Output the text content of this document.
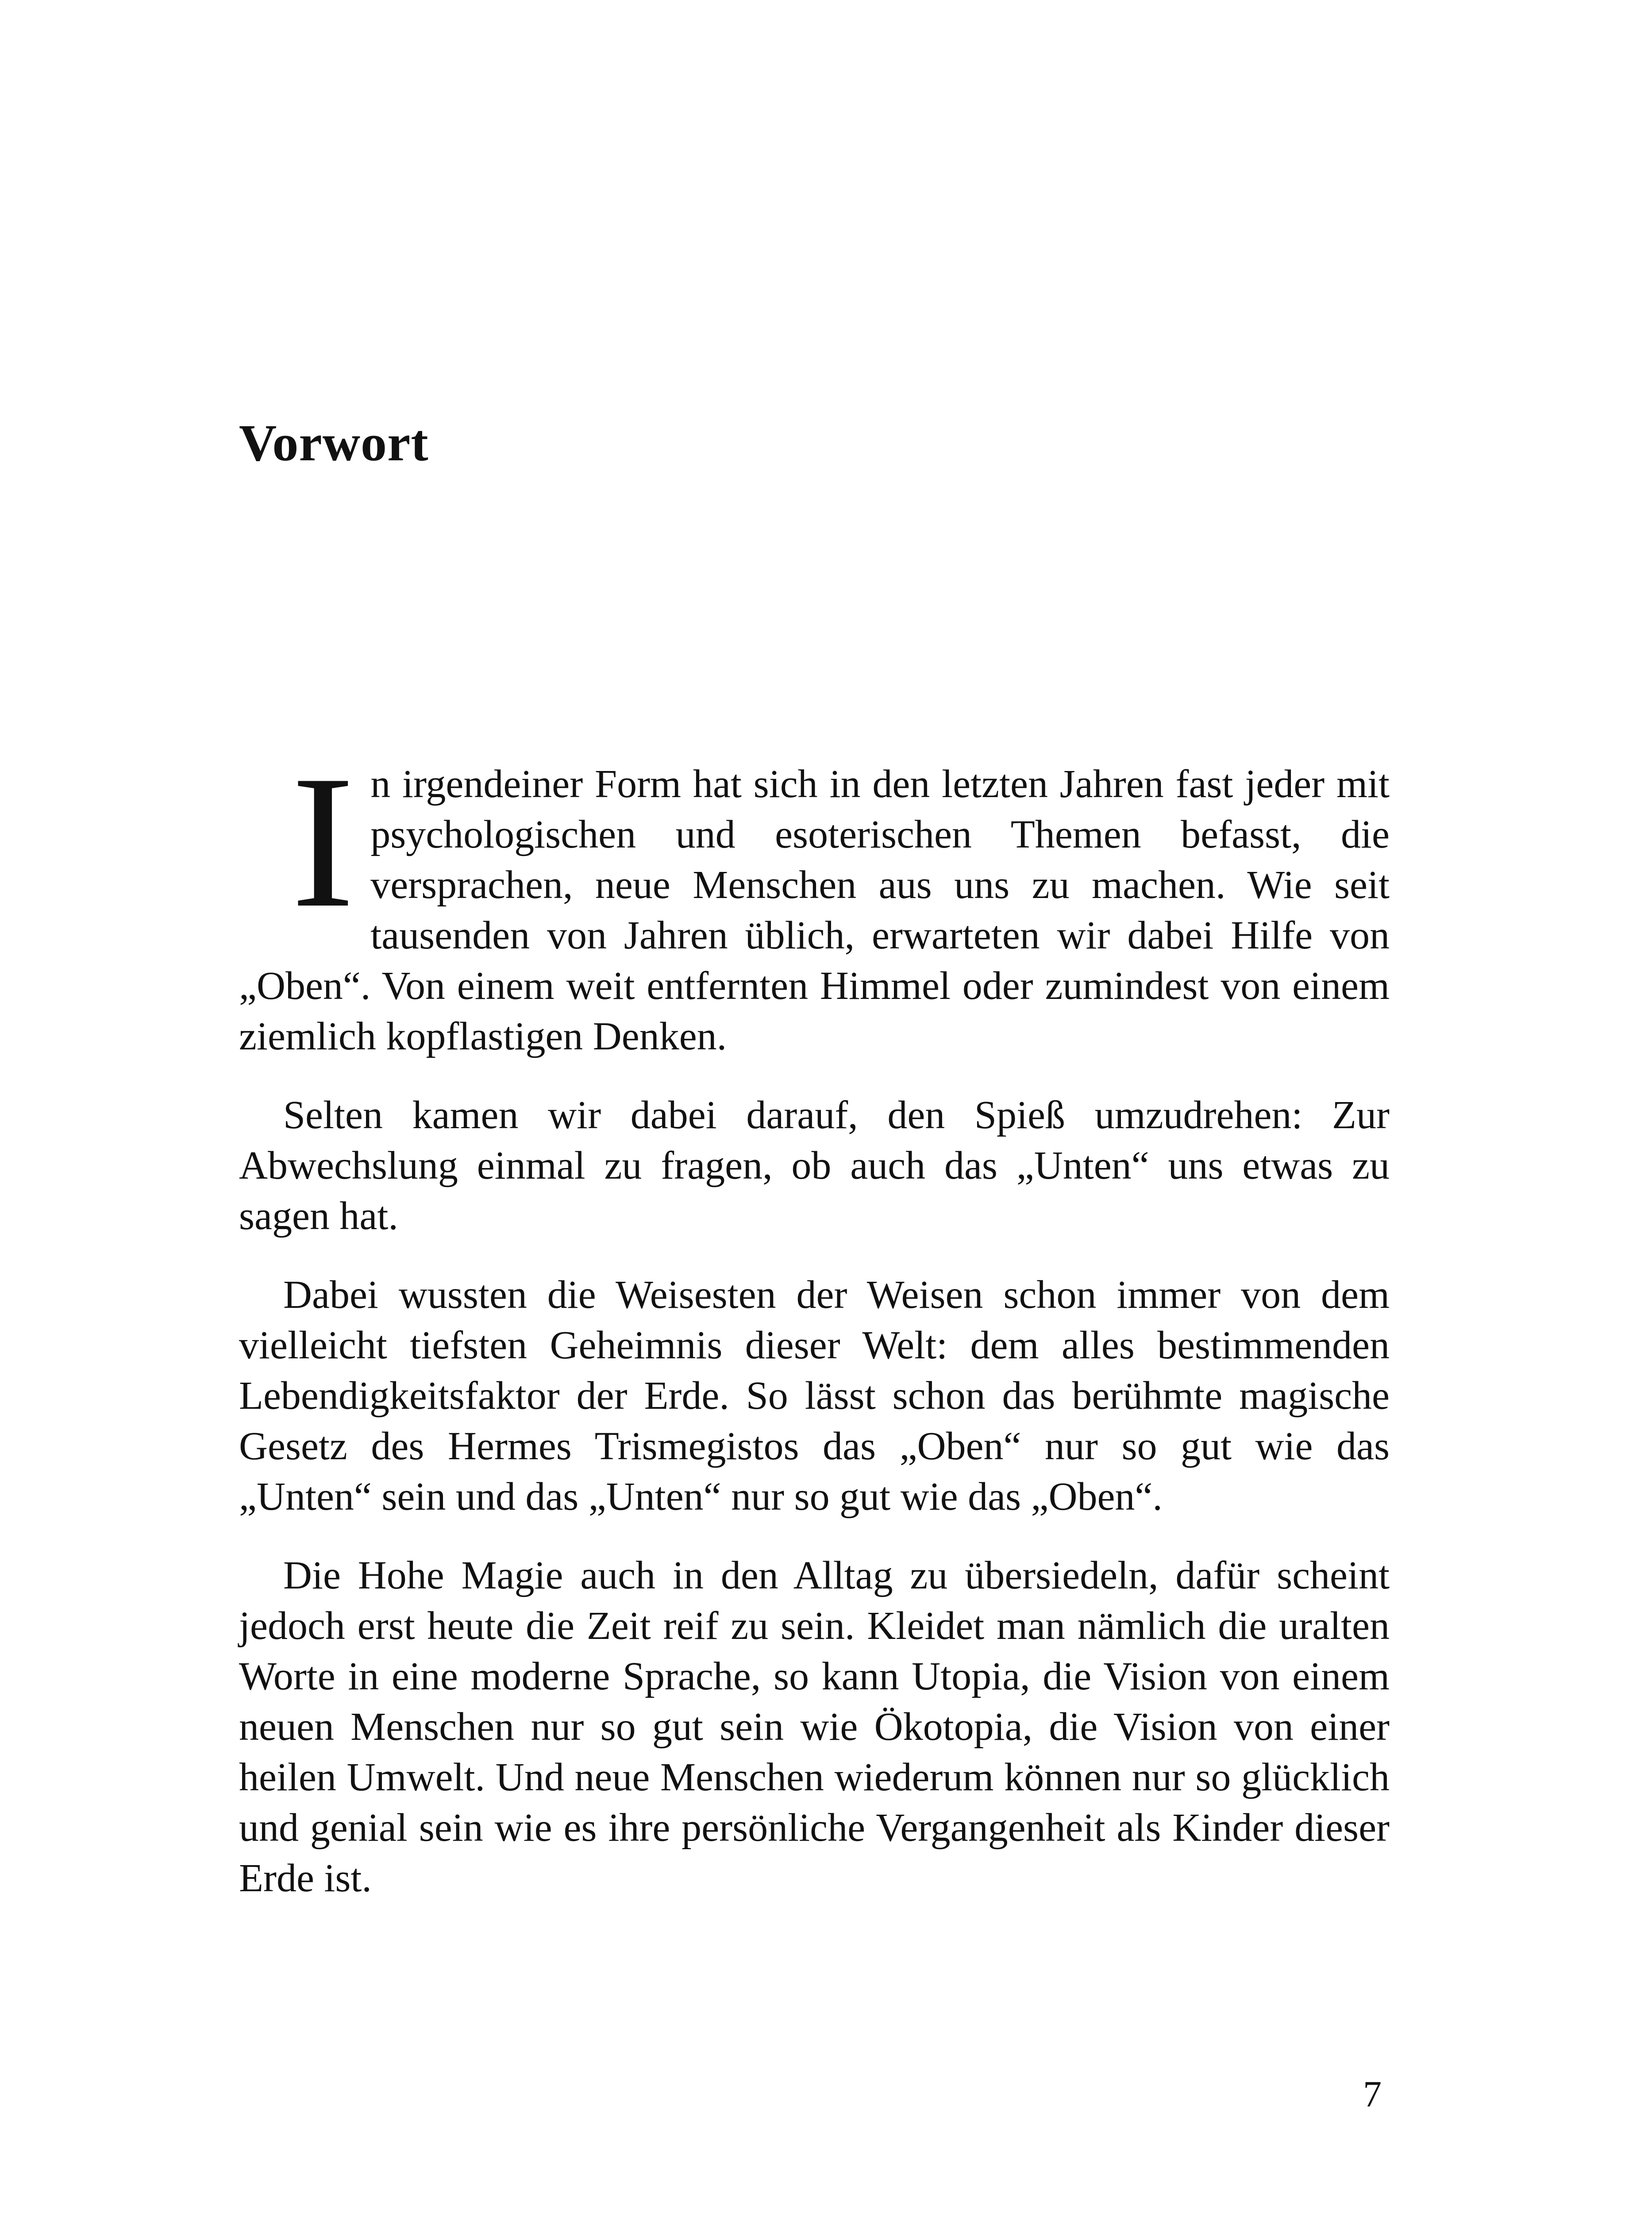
Vorwort

I n irgendeiner Form hat sich in den letzten Jahren fast jeder mit psychologischen und esoterischen Themen befasst, die versprachen, neue Menschen aus uns zu machen. Wie seit tausenden von Jahren üblich, erwarteten wir dabei Hilfe von „Oben“. Von einem weit entfernten Himmel oder zumindest von einem ziemlich kopflastigen Denken.

Selten kamen wir dabei darauf, den Spieß umzudrehen: Zur Abwechslung einmal zu fragen, ob auch das „Unten“ uns etwas zu sagen hat.

Dabei wussten die Weisesten der Weisen schon immer von dem vielleicht tiefsten Geheimnis dieser Welt: dem alles bestimmenden Lebendigkeitsfaktor der Erde. So lässt schon das berühmte magische Gesetz des Hermes Trismegistos das „Oben“ nur so gut wie das „Unten“ sein und das „Unten“ nur so gut wie das „Oben“.

Die Hohe Magie auch in den Alltag zu übersiedeln, dafür scheint jedoch erst heute die Zeit reif zu sein. Kleidet man nämlich die uralten Worte in eine moderne Sprache, so kann Utopia, die Vision von einem neuen Menschen nur so gut sein wie Ökotopia, die Vision von einer heilen Umwelt. Und neue Menschen wiederum können nur so glücklich und genial sein wie es ihre persönliche Vergangenheit als Kinder dieser Erde ist.

7
